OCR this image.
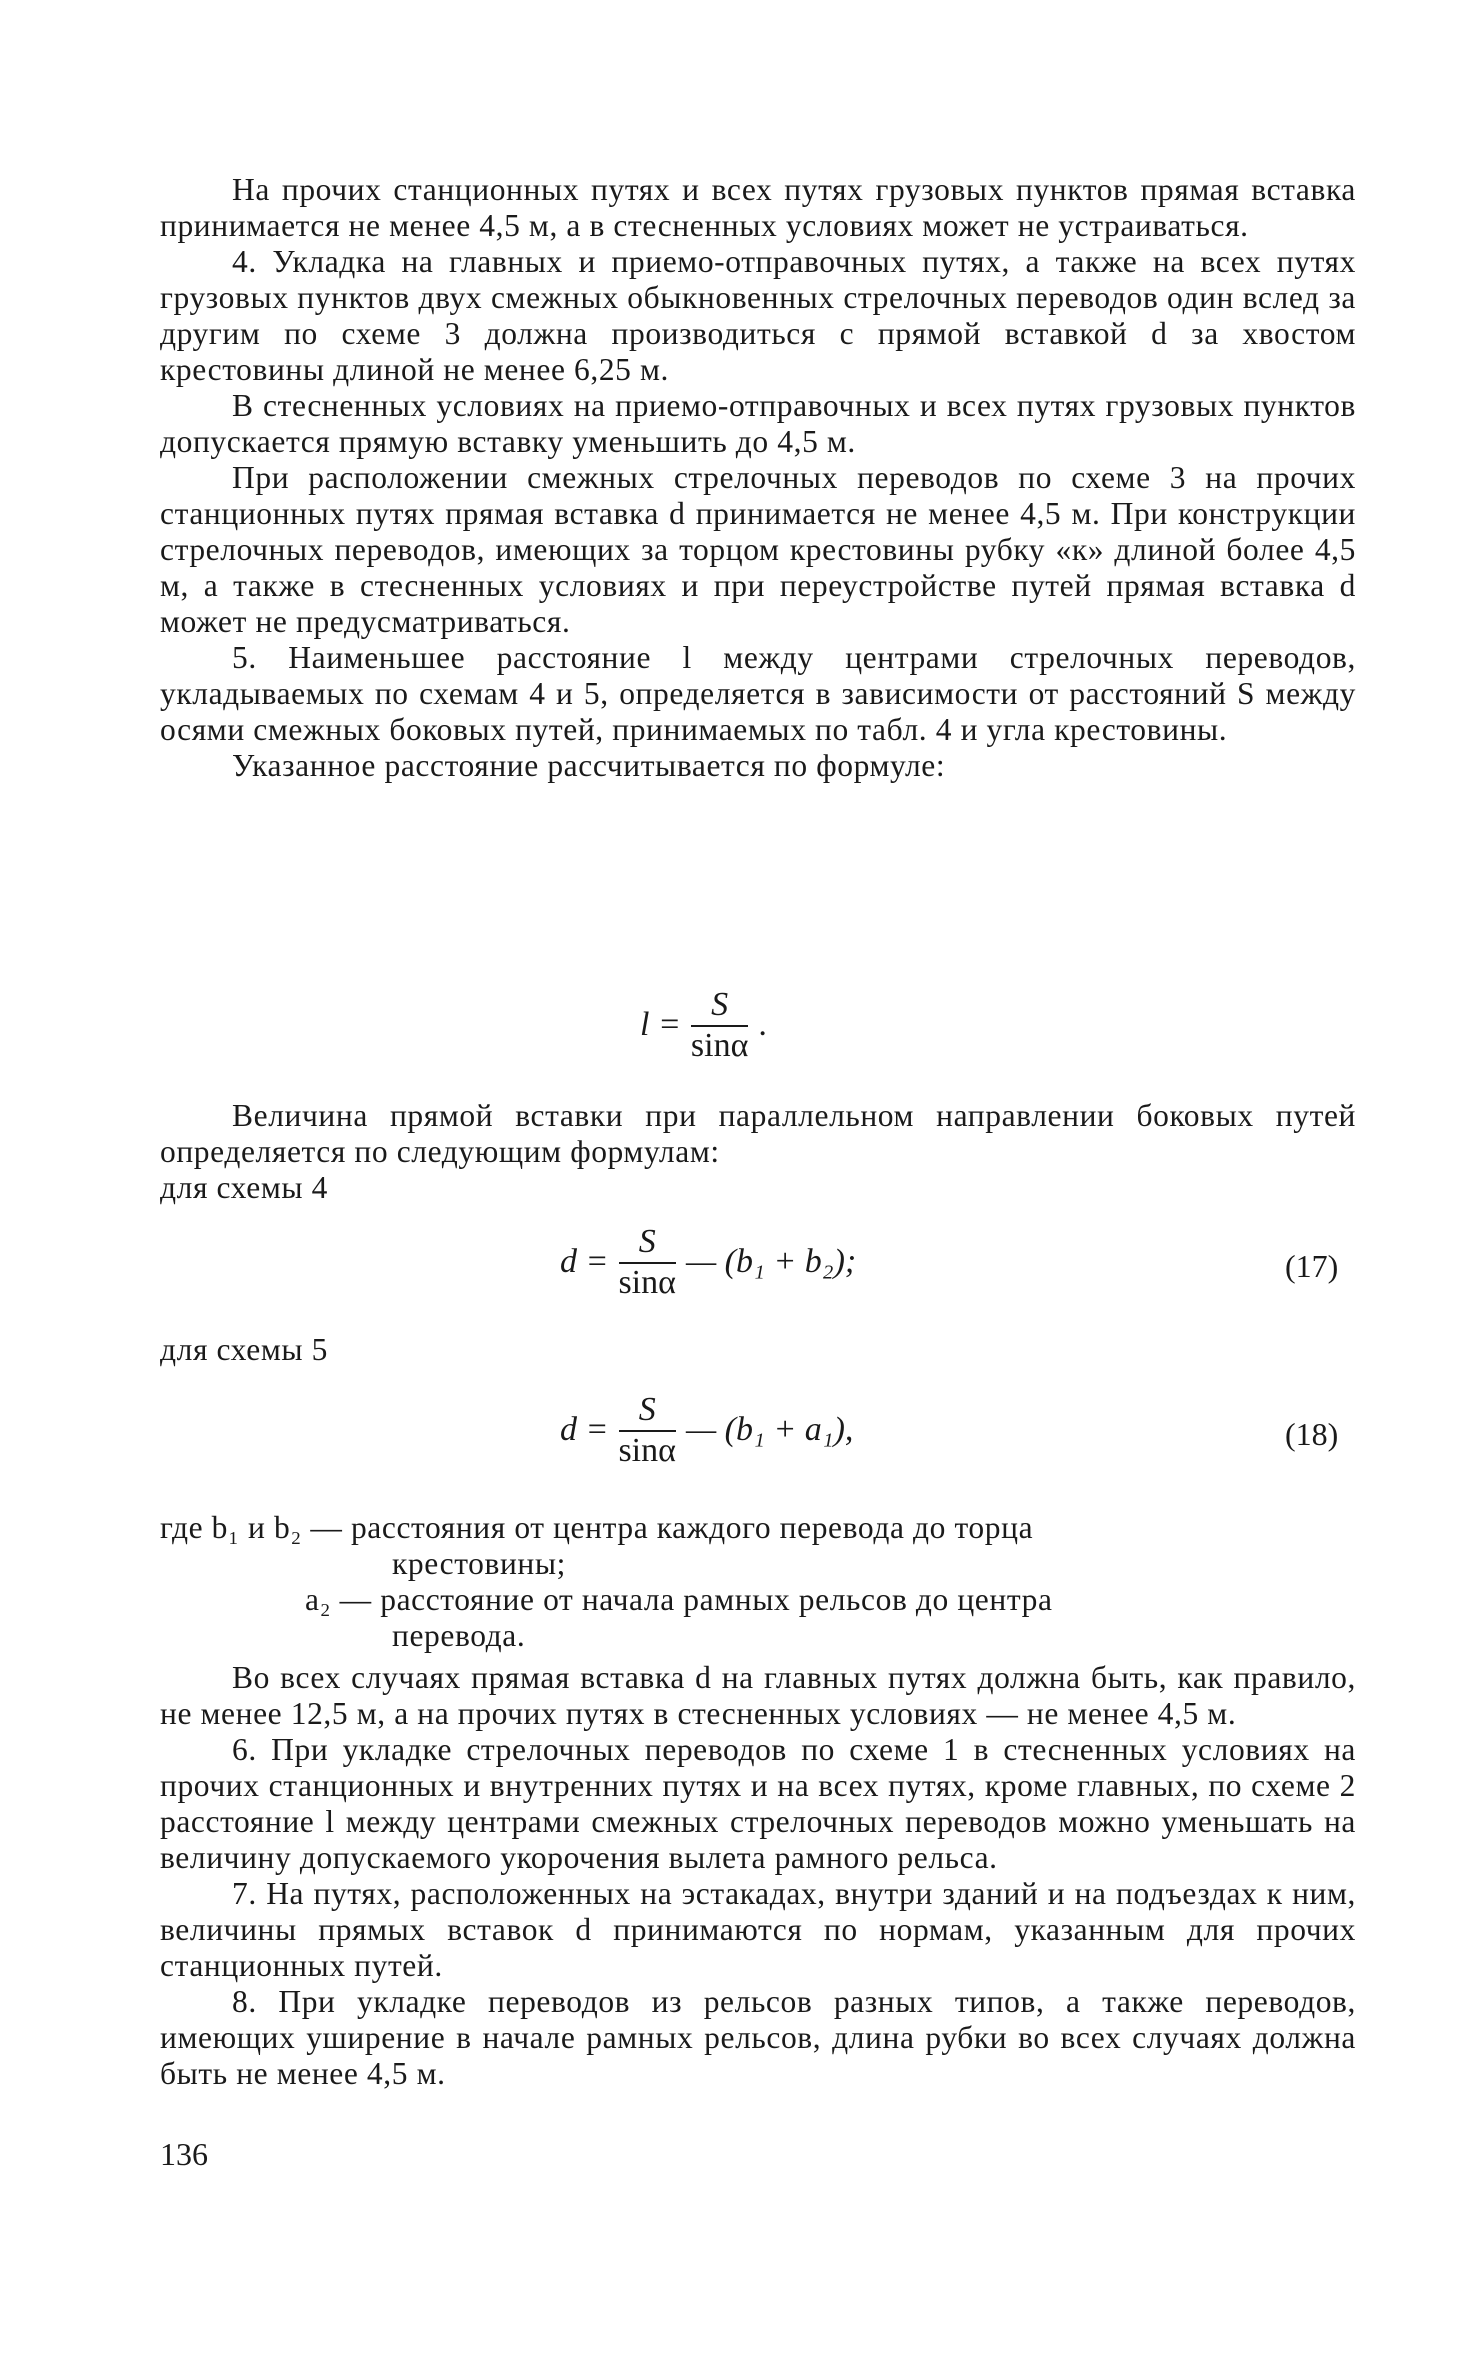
На прочих станционных путях и всех путях грузовых пунктов прямая вставка принимается не менее 4,5 м, а в стесненных условиях может не устраиваться.

4. Укладка на главных и приемо-отправочных путях, а также на всех путях грузовых пунктов двух смежных обыкновенных стрелочных переводов один вслед за другим по схеме 3 должна производиться с прямой вставкой d за хвостом крестовины длиной не менее 6,25 м.

В стесненных условиях на приемо-отправочных и всех путях грузовых пунктов допускается прямую вставку уменьшить до 4,5 м.

При расположении смежных стрелочных переводов по схеме 3 на прочих станционных путях прямая вставка d принимается не менее 4,5 м. При конструкции стрелочных переводов, имеющих за торцом крестовины рубку «к» длиной более 4,5 м, а также в стесненных условиях и при переустройстве путей прямая вставка d может не предусматриваться.

5. Наименьшее расстояние l между центрами стрелочных переводов, укладываемых по схемам 4 и 5, определяется в зависимости от расстояний S между осями смежных боковых путей, принимаемых по табл. 4 и угла крестовины.

Указанное расстояние рассчитывается по формуле:

$l = \frac{S}{\sin\alpha}$ .

Величина прямой вставки при параллельном направлении боковых путей определяется по следующим формулам:

для схемы 4
$d = \frac{S}{\sin\alpha}$ — (b₁ + b₂);	(17)
для схемы 5
$d = \frac{S}{\sin\alpha}$ — (b₁ + a₁),	(18)
где b₁ и b₂ — расстояния от центра каждого перевода до торца
крестовины;
a₂ — расстояние от начала рамных рельсов до центра
перевода.

Во всех случаях прямая вставка d на главных путях должна быть, как правило, не менее 12,5 м, а на прочих путях в стесненных условиях — не менее 4,5 м.

6. При укладке стрелочных переводов по схеме 1 в стесненных условиях на прочих станционных и внутренних путях и на всех путях, кроме главных, по схеме 2 расстояние l между центрами смежных стрелочных переводов можно уменьшать на величину допускаемого укорочения вылета рамного рельса.

7. На путях, расположенных на эстакадах, внутри зданий и на подъездах к ним, величины прямых вставок d принимаются по нормам, указанным для прочих станционных путей.

8. При укладке переводов из рельсов разных типов, а также переводов, имеющих уширение в начале рамных рельсов, длина рубки во всех случаях должна быть не менее 4,5 м.

136
